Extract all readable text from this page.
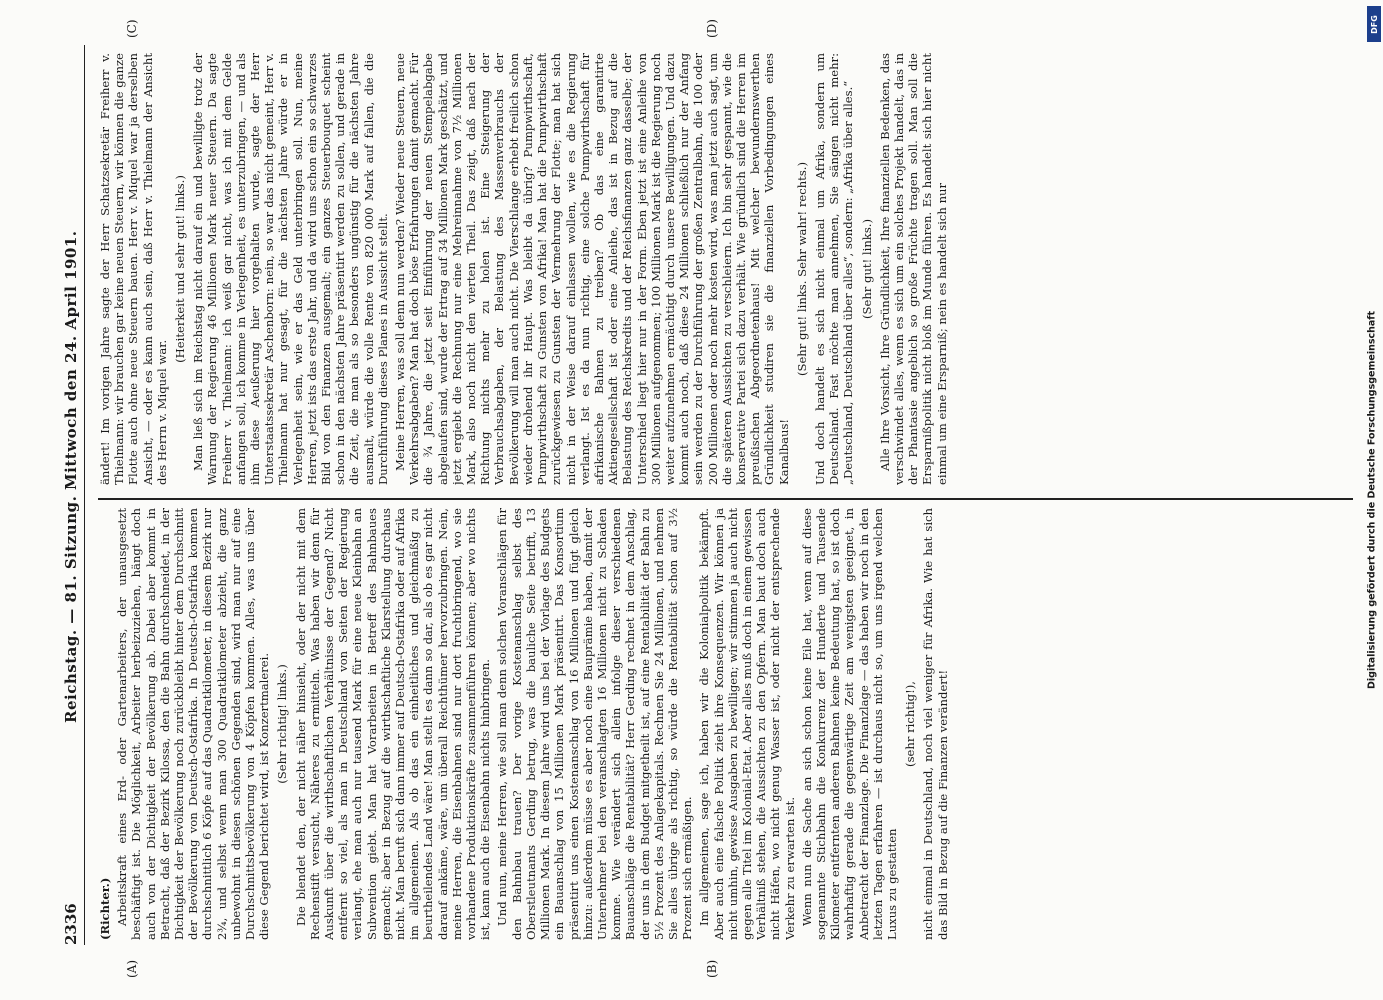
2336
Reichstag. — 81. Sitzung. Mittwoch den 24. April 1901.

(A)	(B)
(C)	(D)

(Richter.) Arbeitskraft eines Erd- oder Gartenarbeiters, der unausgesetzt beschäftigt ist. Die Möglichkeit, Arbeiter herbeizuziehen, hängt doch auch von der Dichtigkeit der Bevölkerung ab. Dabei aber kommt in Betracht, daß der Bezirk Kilossa, den die Bahn durchschneidet, in der Dichtigkeit der Bevölkerung noch zurückbleibt hinter dem Durchschnitt der Bevölkerung von Deutsch-Ostafrika. In Deutsch-Ostafrika kommen durchschnittlich 6 Köpfe auf das Quadratkilometer, in diesem Bezirk nur 2¾, und selbst wenn man 300 Quadratkilometer abzieht, die ganz unbewohnt in diesen schönen Gegenden sind, wird man nur auf eine Durchschnittsbevölkerung von 4 Köpfen kommen. Alles, was uns über diese Gegend berichtet wird, ist Konzertmalerei. (Sehr richtig! links.) Die blendet den, der nicht näher hinsieht, oder der nicht mit dem Rechenstift versucht, Näheres zu ermitteln. Was haben wir denn für Auskunft über die wirthschaftlichen Verhältnisse der Gegend? Nicht entfernt so viel, als man in Deutschland von Seiten der Regierung verlangt, ehe man auch nur tausend Mark für eine neue Kleinbahn an Subvention giebt. Man hat Vorarbeiten in Betreff des Bahnbaues gemacht; aber in Bezug auf die wirthschaftliche Klarstellung durchaus nicht. Man beruft sich dann immer auf Deutsch-Ostafrika oder auf Afrika im allgemeinen. Als ob das ein einheitliches und gleichmäßig zu beurtheilendes Land wäre! Man stellt es dann so dar, als ob es gar nicht darauf ankäme, wäre, um überall Reichthümer hervorzubringen. Nein, meine Herren, die Eisenbahnen sind nur dort fruchtbringend, wo sie vorhandene Produktionskräfte zusammenführen können; aber wo nichts ist, kann auch die Eisenbahn nichts hinbringen. Und nun, meine Herren, wie soll man denn solchen Voranschlägen für den Bahnbau trauen? Der vorige Kostenanschlag selbst des Oberstleutnants Gerding betrug, was die bauliche Seite betrifft, 13 Millionen Mark. In diesem Jahre wird uns bei der Vorlage des Budgets ein Bauanschlag von 15 Millionen Mark präsentirt. Das Konsortium präsentirt uns einen Kostenanschlag von 16 Millionen und fügt gleich hinzu: außerdem müsse es aber noch eine Bauprämie haben, damit der Unternehmer bei den veranschlagten 16 Millionen nicht zu Schaden komme. Wie verändert sich allein infolge dieser verschiedenen Bauanschläge die Rentabilität? Herr Gerding rechnet in dem Anschlag, der uns in dem Budget mitgetheilt ist, auf eine Rentabilität der Bahn zu 5½ Prozent des Anlagekapitals. Rechnen Sie 24 Millionen, und nehmen Sie alles übrige als richtig, so würde die Rentabilität schon auf 3½ Prozent sich ermäßigen. Im allgemeinen, sage ich, haben wir die Kolonialpolitik bekämpft. Aber auch eine falsche Politik zieht ihre Konsequenzen. Wir können ja nicht umhin, gewisse Ausgaben zu bewilligen; wir stimmen ja auch nicht gegen alle Titel im Kolonial-Etat. Aber alles muß doch in einem gewissen Verhältniß stehen, die Aussichten zu den Opfern. Man baut doch auch nicht Häfen, wo nicht genug Wasser ist, oder nicht der entsprechende Verkehr zu erwarten ist. Wenn nun die Sache an sich schon keine Eile hat, wenn auf diese sogenannte Stichbahn die Konkurrenz der Hunderte und Tausende Kilometer entfernten anderen Bahnen keine Bedeutung hat, so ist doch wahrhaftig gerade die gegenwärtige Zeit am wenigsten geeignet, in Anbetracht der Finanzlage. Die Finanzlage — das haben wir noch in den letzten Tagen erfahren — ist durchaus nicht so, um uns irgend welchen Luxus zu gestatten

(sehr richtig!), nicht einmal in Deutschland, noch viel weniger für Afrika. Wie hat sich das Bild in Bezug auf die Finanzen verändert!

ändert! Im vorigen Jahre sagte der Herr Schatzsekretär Freiherr v. Thielmann: wir brauchen gar keine neuen Steuern, wir können die ganze Flotte auch ohne neue Steuern bauen. Herr v. Miquel war ja derselben Ansicht, — oder es kann auch sein, daß Herr v. Thielmann der Ansicht des Herrn v. Miquel war.

(Heiterkeit und sehr gut! links.) Man ließ sich im Reichstag nicht darauf ein und bewilligte trotz der Warnung der Regierung 46 Millionen Mark neuer Steuern. Da sagte Freiherr v. Thielmann: ich weiß gar nicht, was ich mit dem Gelde anfangen soll, ich komme in Verlegenheit, es unterzubringen, — und als ihm diese Aeußerung hier vorgehalten wurde, sagte der Herr Unterstaatssekretär Aschenborn: nein, so war das nicht gemeint, Herr v. Thielmann hat nur gesagt, für die nächsten Jahre würde er in Verlegenheit sein, wie er das Geld unterbringen soll. Nun, meine Herren, jetzt ists das erste Jahr, und da wird uns schon ein so schwarzes Bild von den Finanzen ausgemalt; ein ganzes Steuerbouquet scheint schon in den nächsten Jahre präsentirt werden zu sollen, und gerade in die Zeit, die man als so besonders ungünstig für die nächsten Jahre ausmalt, würde die volle Rente von 820 000 Mark auf fallen, die die Durchführung dieses Planes in Aussicht stellt. Meine Herren, was soll denn nun werden? Wieder neue Steuern, neue Verkehrsabgaben? Man hat doch böse Erfahrungen damit gemacht. Für die ¾ Jahre, die jetzt seit Einführung der neuen Stempelabgabe abgelaufen sind, wurde der Ertrag auf 34 Millionen Mark geschätzt, und jetzt ergiebt die Rechnung nur eine Mehreinnahme von 7½ Millionen Mark, also noch nicht den vierten Theil. Das zeigt, daß nach der Richtung nichts mehr zu holen ist. Eine Steigerung der Verbrauchsabgaben, der Belastung des Massenverbrauchs der Bevölkerung will man auch nicht. Die Vierschlange erhebt freilich schon wieder drohend ihr Haupt. Was bleibt da übrig? Pumpwirthschaft, Pumpwirthschaft zu Gunsten von Afrika! Man hat die Pumpwirthschaft zurückgewiesen zu Gunsten der Vermehrung der Flotte; man hat sich nicht in der Weise darauf einlassen wollen, wie es die Regierung verlangt. Ist es da nun richtig, eine solche Pumpwirthschaft für afrikanische Bahnen zu treiben? Ob das eine garantirte Aktiengesellschaft ist oder eine Anleihe, das ist in Bezug auf die Belastung des Reichskredits und der Reichsfinanzen ganz dasselbe; der Unterschied liegt hier nur in der Form. Eben jetzt ist eine Anleihe von 300 Millionen aufgenommen; 100 Millionen Mark ist die Regierung noch weiter aufzunehmen ermächtigt durch unsere Bewilligungen. Und dazu kommt auch noch, daß diese 24 Millionen schließlich nur der Anfang sein werden zu der Durchführung der großen Zentralbahn, die 100 oder 200 Millionen oder noch mehr kosten wird, was man jetzt auch sagt, um die späteren Aussichten zu verschleiern. Ich bin sehr gespannt, wie die konservative Partei sich dazu verhält. Wie gründlich sind die Herren im preußischen Abgeordnetenhaus! Mit welcher bewundernswerthen Gründlichkeit studiren sie die finanziellen Vorbedingungen eines Kanalbaus!

(Sehr gut! links. Sehr wahr! rechts.) Und doch handelt es sich nicht einmal um Afrika, sondern um Deutschland. Fast möchte man annehmen, Sie sängen nicht mehr: „Deutschland, Deutschland über alles“, sondern: „Afrika über alles.“ (Sehr gut! links.) Alle Ihre Vorsicht, Ihre Gründlichkeit, Ihre finanziellen Bedenken, das verschwindet alles, wenn es sich um ein solches Projekt handelt, das in der Phantasie angeblich so große Früchte tragen soll. Man soll die Ersparnißpolitik nicht bloß im Munde führen. Es handelt sich hier nicht einmal um eine Ersparniß; nein es handelt sich nur	Digitalisierung gefördert durch die Deutsche Forschungsgemeinschaft
DFG
